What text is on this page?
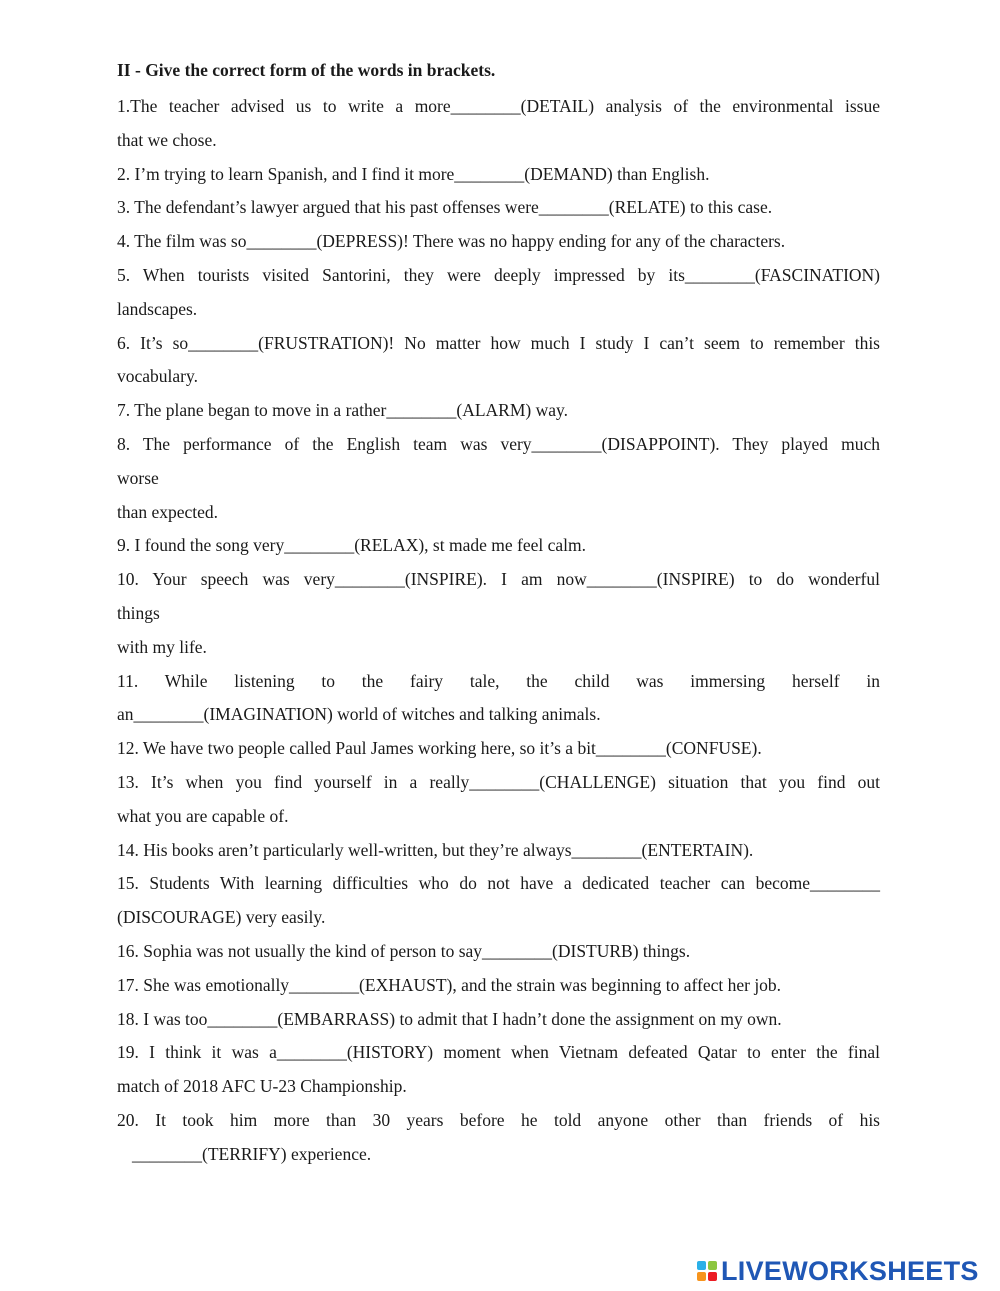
II - Give the correct form of the words in brackets.
1.The teacher advised us to write a more________(DETAIL) analysis of the environmental issue
that we chose.
2. I’m trying to learn Spanish, and I find it more________(DEMAND) than English.
3. The defendant’s lawyer argued that his past offenses were________(RELATE) to this case.
4. The film was so________(DEPRESS)! There was no happy ending for any of the characters.
5. When tourists visited Santorini, they were deeply impressed by its________(FASCINATION)
landscapes.
6. It’s so________(FRUSTRATION)! No matter how much I study I can’t seem to remember this
vocabulary.
7. The plane began to move in a rather________(ALARM) way.
8. The performance of the English team was very________(DISAPPOINT). They played much
worse
than expected.
9. I found the song very________(RELAX), st made me feel calm.
10. Your speech was very________(INSPIRE). I am now________(INSPIRE) to do wonderful
things
with my life.
11. While listening to the fairy tale, the child was immersing herself in
an________(IMAGINATION) world of witches and talking animals.
12. We have two people called Paul James working here, so it’s a bit________(CONFUSE).
13. It’s when you find yourself in a really________(CHALLENGE) situation that you find out
what you are capable of.
14. His books aren’t particularly well-written, but they’re always________(ENTERTAIN).
15. Students With learning difficulties who do not have a dedicated teacher can become________
(DISCOURAGE) very easily.
16. Sophia was not usually the kind of person to say________(DISTURB) things.
17. She was emotionally________(EXHAUST), and the strain was beginning to affect her job.
18. I was too________(EMBARRASS) to admit that I hadn’t done the assignment on my own.
19. I think it was a________(HISTORY) moment when Vietnam defeated Qatar to enter the final
match of 2018 AFC U-23 Championship.
20. It took him more than 30 years before he told anyone other than friends of his
________(TERRIFY) experience.
LIVEWORKSHEETS
